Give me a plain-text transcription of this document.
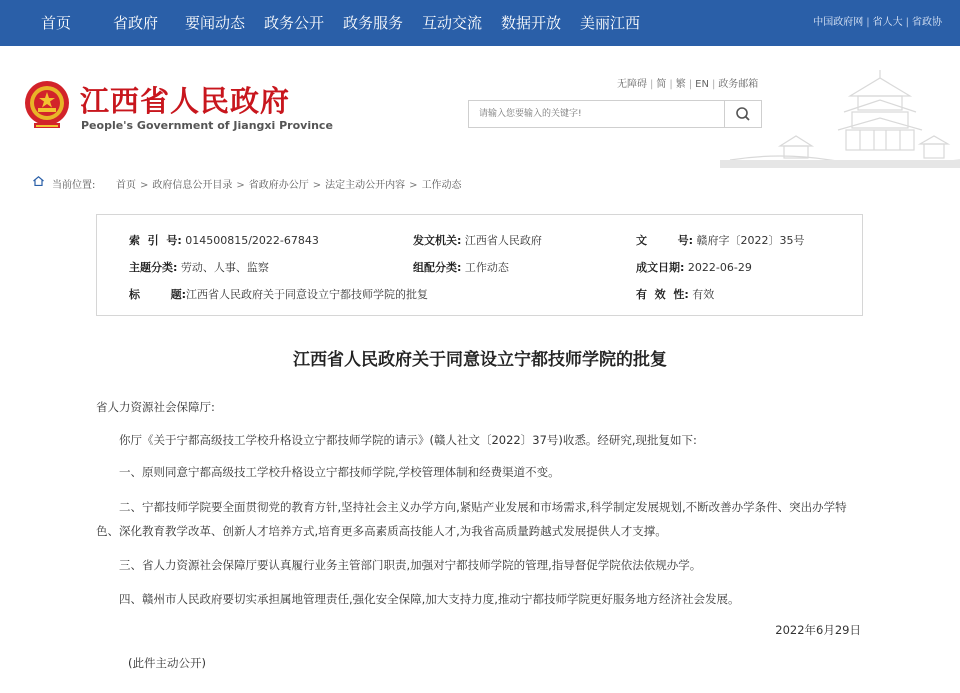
首页	省政府 要闻动态 政务公开 政务服务 互动交流 数据开放 美丽江西	中国政府网 | 省人大 | 省政协
江西省人民政府
People's Government of Jiangxi Province
无障碍 | 简 | 繁 | EN | 政务邮箱
请输入您要输入的关键字!
当前位置: 首页 > 政府信息公开目录 > 省政府办公厅 > 法定主动公开内容 > 工作动态
索  引  号: 014500815/2022-67843	发文机关: 江西省人民政府	文        号: 赣府字〔2022〕35号
主题分类: 劳动、人事、监察	组配分类: 工作动态	成文日期: 2022-06-29
标        题:江西省人民政府关于同意设立宁都技师学院的批复	有  效  性: 有效
江西省人民政府关于同意设立宁都技师学院的批复
省人力资源社会保障厅:
你厅《关于宁都高级技工学校升格设立宁都技师学院的请示》(赣人社文〔2022〕37号)收悉。经研究,现批复如下:
一、原则同意宁都高级技工学校升格设立宁都技师学院,学校管理体制和经费渠道不变。
二、宁都技师学院要全面贯彻党的教育方针,坚持社会主义办学方向,紧贴产业发展和市场需求,科学制定发展规划,不断改善办学条件、突出办学特色、深化教育教学改革、创新人才培养方式,培育更多高素质高技能人才,为我省高质量跨越式发展提供人才支撑。
三、省人力资源社会保障厅要认真履行业务主管部门职责,加强对宁都技师学院的管理,指导督促学院依法依规办学。
四、赣州市人民政府要切实承担属地管理责任,强化安全保障,加大支持力度,推动宁都技师学院更好服务地方经济社会发展。
2022年6月29日
(此件主动公开)
